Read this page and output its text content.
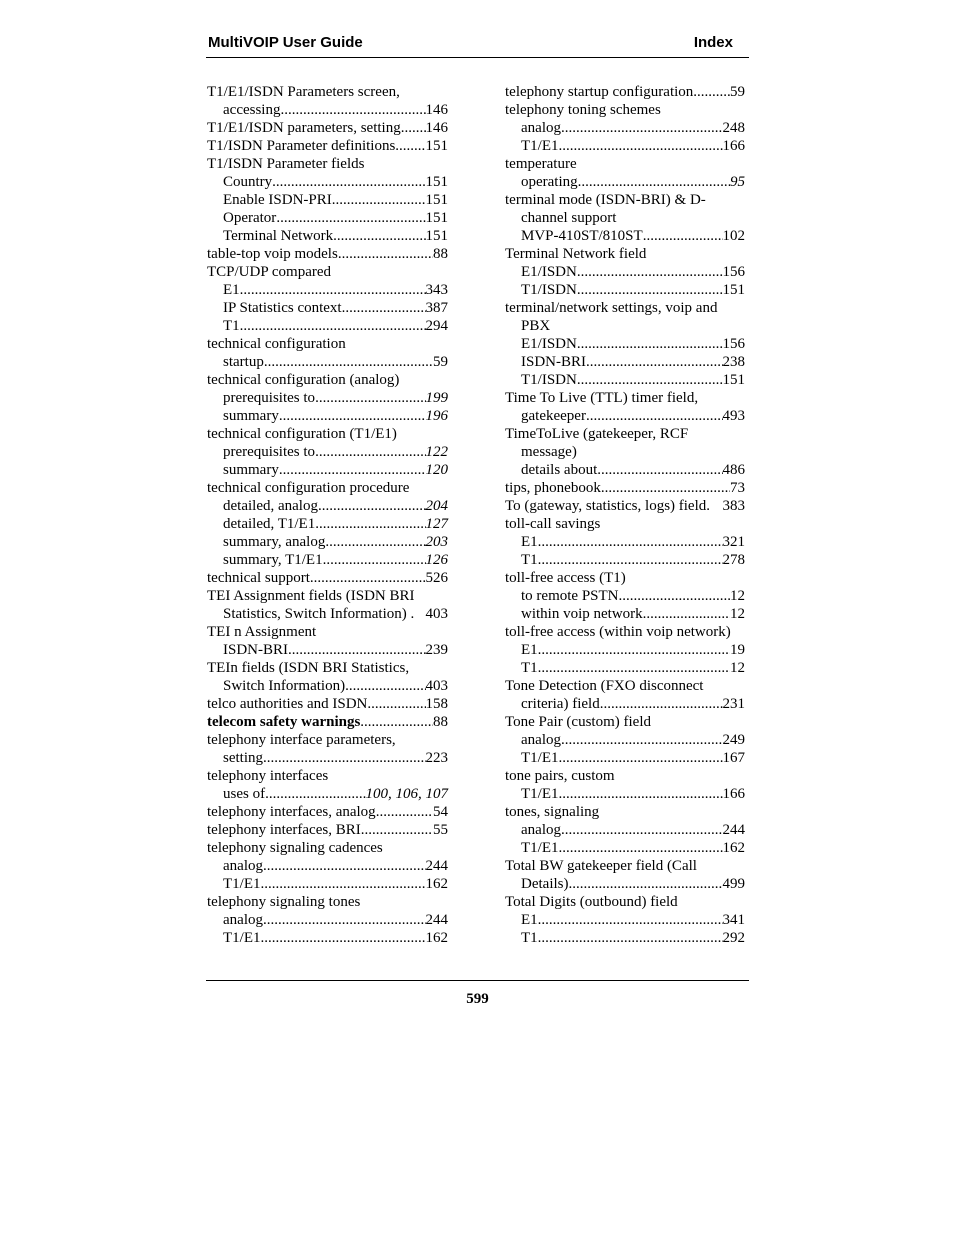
MultiVOIP User Guide	Index
T1/E1/ISDN Parameters screen,
accessing .....	146
T1/E1/ISDN parameters, setting ..... 146
T1/ISDN Parameter definitions ..... 151
T1/ISDN Parameter fields
Country .....	151
Enable ISDN-PRI .....	151
Operator .....	151
Terminal Network .....	151
table-top voip models .....	88
TCP/UDP compared
E1 .....	343
IP Statistics context .....	387
T1 .....	294
technical configuration
startup .....	59
technical configuration (analog)
prerequisites to .....	199
summary .....	196
technical configuration (T1/E1)
prerequisites to .....	122
summary .....	120
technical configuration procedure
detailed, analog .....	204
detailed, T1/E1 .....	127
summary, analog .....	203
summary, T1/E1 .....	126
technical support .....	526
TEI Assignment fields (ISDN BRI
Statistics, Switch Information) . 403
TEI n Assignment
ISDN-BRI .....	239
TEIn fields (ISDN BRI Statistics,
Switch Information) .....	403
telco authorities and ISDN .....	158
telecom safety warnings .....	88
telephony interface parameters,
setting .....	223
telephony interfaces
uses of .....	100, 106, 107
telephony interfaces, analog .....	54
telephony interfaces, BRI .....	55
telephony signaling cadences
analog .....	244
T1/E1 .....	162
telephony signaling tones
analog .....	244
T1/E1 .....	162
telephony startup configuration ..... 59
telephony toning schemes
analog .....	248
T1/E1 .....	166
temperature
operating .....	95
terminal mode (ISDN-BRI) & D-
channel support
MVP-410ST/810ST .....	102
Terminal Network field
E1/ISDN .....	156
T1/ISDN .....	151
terminal/network settings, voip and
PBX
E1/ISDN .....	156
ISDN-BRI .....	238
T1/ISDN .....	151
Time To Live (TTL) timer field,
gatekeeper .....	493
TimeToLive (gatekeeper, RCF
message)
details about .....	486
tips, phonebook .....	73
To (gateway, statistics, logs) field. 383
toll-call savings
E1 .....	321
T1 .....	278
toll-free access (T1)
to remote PSTN .....	12
within voip network .....	12
toll-free access (within voip network)
E1 .....	19
T1 .....	12
Tone Detection (FXO disconnect
criteria) field .....	231
Tone Pair (custom) field
analog .....	249
T1/E1 .....	167
tone pairs, custom
T1/E1 .....	166
tones, signaling
analog .....	244
T1/E1 .....	162
Total BW gatekeeper field (Call
Details) .....	499
Total Digits (outbound) field
E1 .....	341
T1 .....	292
599
